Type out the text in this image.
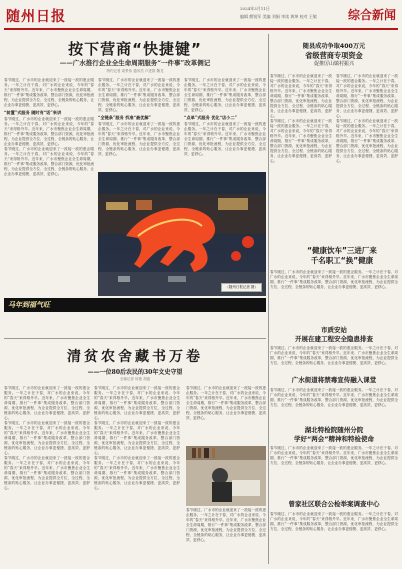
随州日报
2024年3月11日
编辑 熊锐军 美编 刘娟 审读 黄坤 校对 王敏	综合新闻
按下营商“快捷键”
——广水推行企业全生命周期服务“一件事”改革侧记
特约记者 周景伟 通讯员 卢进群 魏龙

春节刚过，广水市的企业就迎来了一波接一波的惠企服务。一年之计在于春，对广水的企业来说，今年的“春天”来得格外早。近年来，广水市聚焦企业全生命周期，推行“一件事”集成服务改革，整合部门资源，优化审批流程，为企业提供全方位、全过程、全链条的贴心服务，让企业办事更便捷、更高效、更舒心。

“前置”式服务 随时有“话”来讲

春节刚过，广水市的企业就迎来了一波接一波的惠企服务。一年之计在于春，对广水的企业来说，今年的“春天”来得格外早。近年来，广水市聚焦企业全生命周期，推行“一件事”集成服务改革，整合部门资源，优化审批流程，为企业提供全方位、全过程、全链条的贴心服务，让企业办事更便捷、更高效、更舒心。

春节刚过，广水市的企业就迎来了一波接一波的惠企服务。一年之计在于春，对广水的企业来说，今年的“春天”来得格外早。近年来，广水市聚焦企业全生命周期，推行“一件事”集成服务改革，整合部门资源，优化审批流程，为企业提供全方位、全过程、全链条的贴心服务，让企业办事更便捷、更高效、更舒心。

春节刚过，广水市的企业就迎来了一波接一波的惠企服务。一年之计在于春，对广水的企业来说，今年的“春天”来得格外早。近年来，广水市聚焦企业全生命周期，推行“一件事”集成服务改革，整合部门资源，优化审批流程，为企业提供全方位、全过程、全链条的贴心服务，让企业办事更便捷、更高效、更舒心。

“全链条”服务 找准“最优解”

春节刚过，广水市的企业就迎来了一波接一波的惠企服务。一年之计在于春，对广水的企业来说，今年的“春天”来得格外早。近年来，广水市聚焦企业全生命周期，推行“一件事”集成服务改革，整合部门资源，优化审批流程，为企业提供全方位、全过程、全链条的贴心服务，让企业办事更便捷、更高效、更舒心。

春节刚过，广水市的企业就迎来了一波接一波的惠企服务。一年之计在于春，对广水的企业来说，今年的“春天”来得格外早。近年来，广水市聚焦企业全生命周期，推行“一件事”集成服务改革，整合部门资源，优化审批流程，为企业提供全方位、全过程、全链条的贴心服务，让企业办事更便捷、更高效、更舒心。

“点单”式服务 优化“店小二”

春节刚过，广水市的企业就迎来了一波接一波的惠企服务。一年之计在于春，对广水的企业来说，今年的“春天”来得格外早。近年来，广水市聚焦企业全生命周期，推行“一件事”集成服务改革，整合部门资源，优化审批流程，为企业提供全方位、全过程、全链条的贴心服务，让企业办事更便捷、更高效、更舒心。

（随州日报记者 摄）
马年到福气旺
清贫农舍藏书万卷
——一位80后农民的30年文史守望
全媒记者 何艳 胡盛

春节刚过，广水市的企业就迎来了一波接一波的惠企服务。一年之计在于春，对广水的企业来说，今年的“春天”来得格外早。近年来，广水市聚焦企业全生命周期，推行“一件事”集成服务改革，整合部门资源，优化审批流程，为企业提供全方位、全过程、全链条的贴心服务，让企业办事更便捷、更高效、更舒心。

春节刚过，广水市的企业就迎来了一波接一波的惠企服务。一年之计在于春，对广水的企业来说，今年的“春天”来得格外早。近年来，广水市聚焦企业全生命周期，推行“一件事”集成服务改革，整合部门资源，优化审批流程，为企业提供全方位、全过程、全链条的贴心服务，让企业办事更便捷、更高效、更舒心。

春节刚过，广水市的企业就迎来了一波接一波的惠企服务。一年之计在于春，对广水的企业来说，今年的“春天”来得格外早。近年来，广水市聚焦企业全生命周期，推行“一件事”集成服务改革，整合部门资源，优化审批流程，为企业提供全方位、全过程、全链条的贴心服务，让企业办事更便捷、更高效、更舒心。

春节刚过，广水市的企业就迎来了一波接一波的惠企服务。一年之计在于春，对广水的企业来说，今年的“春天”来得格外早。近年来，广水市聚焦企业全生命周期，推行“一件事”集成服务改革，整合部门资源，优化审批流程，为企业提供全方位、全过程、全链条的贴心服务，让企业办事更便捷、更高效、更舒心。

春节刚过，广水市的企业就迎来了一波接一波的惠企服务。一年之计在于春，对广水的企业来说，今年的“春天”来得格外早。近年来，广水市聚焦企业全生命周期，推行“一件事”集成服务改革，整合部门资源，优化审批流程，为企业提供全方位、全过程、全链条的贴心服务，让企业办事更便捷、更高效、更舒心。

春节刚过，广水市的企业就迎来了一波接一波的惠企服务。一年之计在于春，对广水的企业来说，今年的“春天”来得格外早。近年来，广水市聚焦企业全生命周期，推行“一件事”集成服务改革，整合部门资源，优化审批流程，为企业提供全方位、全过程、全链条的贴心服务，让企业办事更便捷、更高效、更舒心。

春节刚过，广水市的企业就迎来了一波接一波的惠企服务。一年之计在于春，对广水的企业来说，今年的“春天”来得格外早。近年来，广水市聚焦企业全生命周期，推行“一件事”集成服务改革，整合部门资源，优化审批流程，为企业提供全方位、全过程、全链条的贴心服务，让企业办事更便捷、更高效、更舒心。

春节刚过，广水市的企业就迎来了一波接一波的惠企服务。一年之计在于春，对广水的企业来说，今年的“春天”来得格外早。近年来，广水市聚焦企业全生命周期，推行“一件事”集成服务改革，整合部门资源，优化审批流程，为企业提供全方位、全过程、全链条的贴心服务，让企业办事更便捷、更高效、更舒心。

随县成功争取400万元
省级营商专项资金
促推厉山镇村振兴

春节刚过，广水市的企业就迎来了一波接一波的惠企服务。一年之计在于春，对广水的企业来说，今年的“春天”来得格外早。近年来，广水市聚焦企业全生命周期，推行“一件事”集成服务改革，整合部门资源，优化审批流程，为企业提供全方位、全过程、全链条的贴心服务，让企业办事更便捷、更高效、更舒心。

春节刚过，广水市的企业就迎来了一波接一波的惠企服务。一年之计在于春，对广水的企业来说，今年的“春天”来得格外早。近年来，广水市聚焦企业全生命周期，推行“一件事”集成服务改革，整合部门资源，优化审批流程，为企业提供全方位、全过程、全链条的贴心服务，让企业办事更便捷、更高效、更舒心。

春节刚过，广水市的企业就迎来了一波接一波的惠企服务。一年之计在于春，对广水的企业来说，今年的“春天”来得格外早。近年来，广水市聚焦企业全生命周期，推行“一件事”集成服务改革，整合部门资源，优化审批流程，为企业提供全方位、全过程、全链条的贴心服务，让企业办事更便捷、更高效、更舒心。

春节刚过，广水市的企业就迎来了一波接一波的惠企服务。一年之计在于春，对广水的企业来说，今年的“春天”来得格外早。近年来，广水市聚焦企业全生命周期，推行“一件事”集成服务改革，整合部门资源，优化审批流程，为企业提供全方位、全过程、全链条的贴心服务，让企业办事更便捷、更高效、更舒心。

“健康饮车”三进厂来
千名职工“换”健康

春节刚过，广水市的企业就迎来了一波接一波的惠企服务。一年之计在于春，对广水的企业来说，今年的“春天”来得格外早。近年来，广水市聚焦企业全生命周期，推行“一件事”集成服务改革，整合部门资源，优化审批流程，为企业提供全方位、全过程、全链条的贴心服务，让企业办事更便捷、更高效、更舒心。

市质安站
开展在建工程安全隐患排查

春节刚过，广水市的企业就迎来了一波接一波的惠企服务。一年之计在于春，对广水的企业来说，今年的“春天”来得格外早。近年来，广水市聚焦企业全生命周期，推行“一件事”集成服务改革，整合部门资源，优化审批流程，为企业提供全方位、全过程、全链条的贴心服务，让企业办事更便捷、更高效、更舒心。

广水街道将禁毒宣传融入课堂

春节刚过，广水市的企业就迎来了一波接一波的惠企服务。一年之计在于春，对广水的企业来说，今年的“春天”来得格外早。近年来，广水市聚焦企业全生命周期，推行“一件事”集成服务改革，整合部门资源，优化审批流程，为企业提供全方位、全过程、全链条的贴心服务，让企业办事更便捷、更高效、更舒心。

湖北特检院随州分院
学好“两会”精神和特检使命

春节刚过，广水市的企业就迎来了一波接一波的惠企服务。一年之计在于春，对广水的企业来说，今年的“春天”来得格外早。近年来，广水市聚焦企业全生命周期，推行“一件事”集成服务改革，整合部门资源，优化审批流程，为企业提供全方位、全过程、全链条的贴心服务，让企业办事更便捷、更高效、更舒心。

曾家社区联合公检举案调查中心

春节刚过，广水市的企业就迎来了一波接一波的惠企服务。一年之计在于春，对广水的企业来说，今年的“春天”来得格外早。近年来，广水市聚焦企业全生命周期，推行“一件事”集成服务改革，整合部门资源，优化审批流程，为企业提供全方位、全过程、全链条的贴心服务，让企业办事更便捷、更高效、更舒心。
